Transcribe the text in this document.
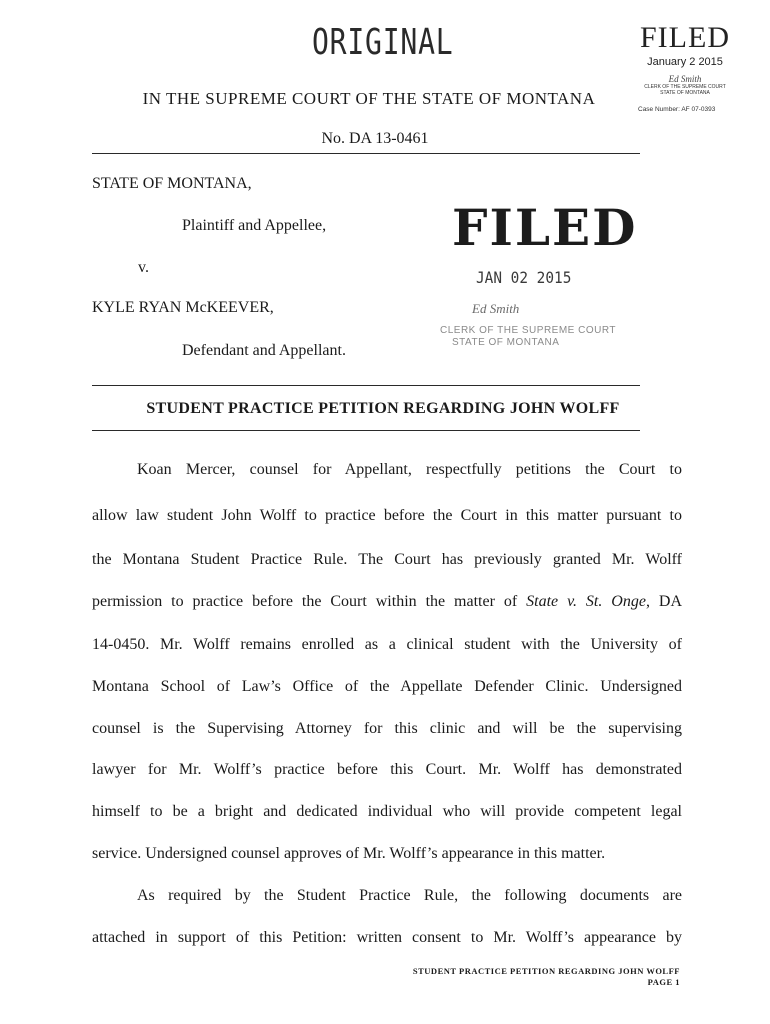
ORIGINAL	FILED
January 2 2015
Ed Smith
CLERK OF THE SUPREME COURT
STATE OF MONTANA
Case Number: AF 07-0393
IN THE SUPREME COURT OF THE STATE OF MONTANA
No. DA 13-0461
STATE OF MONTANA,
Plaintiff and Appellee,
v.
KYLE RYAN McKEEVER,
Defendant and Appellant.
FILED
JAN 02 2015
Ed Smith
CLERK OF THE SUPREME COURT
STATE OF MONTANA
STUDENT PRACTICE PETITION REGARDING JOHN WOLFF
Koan Mercer, counsel for Appellant, respectfully petitions the Court to
allow law student John Wolff to practice before the Court in this matter pursuant to
the Montana Student Practice Rule. The Court has previously granted Mr. Wolff
permission to practice before the Court within the matter of State v. St. Onge, DA
14-0450. Mr. Wolff remains enrolled as a clinical student with the University of
Montana School of Law’s Office of the Appellate Defender Clinic. Undersigned
counsel is the Supervising Attorney for this clinic and will be the supervising
lawyer for Mr. Wolff’s practice before this Court. Mr. Wolff has demonstrated
himself to be a bright and dedicated individual who will provide competent legal
service. Undersigned counsel approves of Mr. Wolff’s appearance in this matter.
As required by the Student Practice Rule, the following documents are
attached in support of this Petition: written consent to Mr. Wolff’s appearance by
STUDENT PRACTICE PETITION REGARDING JOHN WOLFF
PAGE 1
